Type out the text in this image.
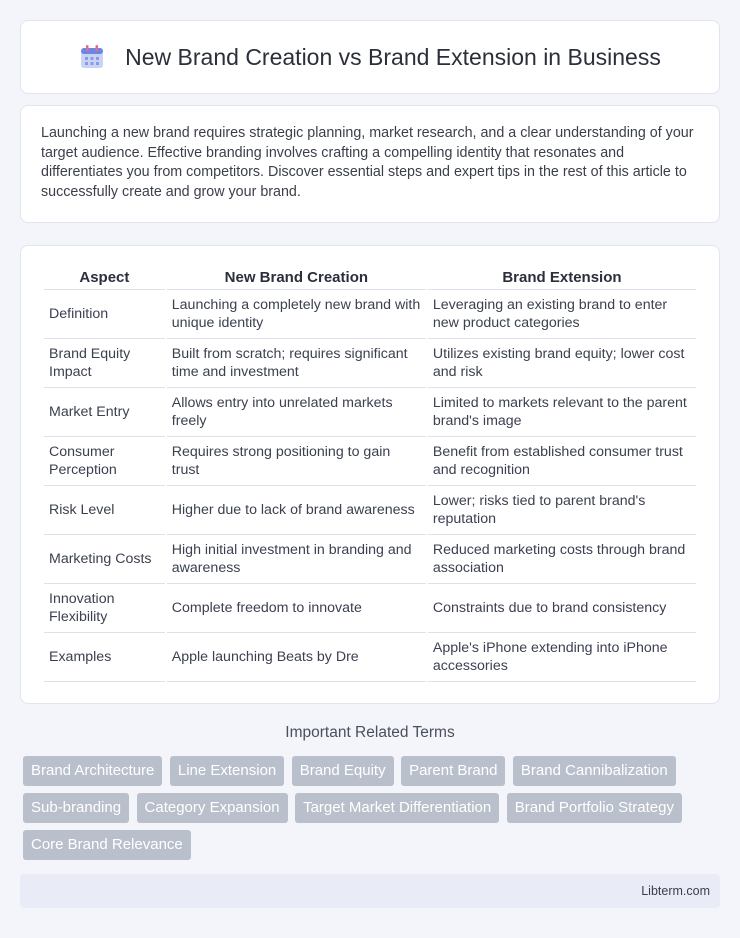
New Brand Creation vs Brand Extension in Business

Launching a new brand requires strategic planning, market research, and a clear understanding of your target audience. Effective branding involves crafting a compelling identity that resonates and differentiates you from competitors. Discover essential steps and expert tips in the rest of this article to successfully create and grow your brand.

Aspect	New Brand Creation	Brand Extension
Definition	Launching a completely new brand with unique identity	Leveraging an existing brand to enter new product categories
Brand Equity Impact	Built from scratch; requires significant time and investment	Utilizes existing brand equity; lower cost and risk
Market Entry	Allows entry into unrelated markets freely	Limited to markets relevant to the parent brand's image
Consumer Perception	Requires strong positioning to gain trust	Benefit from established consumer trust and recognition
Risk Level	Higher due to lack of brand awareness	Lower; risks tied to parent brand's reputation
Marketing Costs	High initial investment in branding and awareness	Reduced marketing costs through brand association
Innovation Flexibility	Complete freedom to innovate	Constraints due to brand consistency
Examples	Apple launching Beats by Dre	Apple's iPhone extending into iPhone accessories
Important Related Terms
Brand Architecture Line Extension Brand Equity Parent Brand Brand Cannibalization Sub-branding Category Expansion Target Market Differentiation Brand Portfolio Strategy Core Brand Relevance
Libterm.com
